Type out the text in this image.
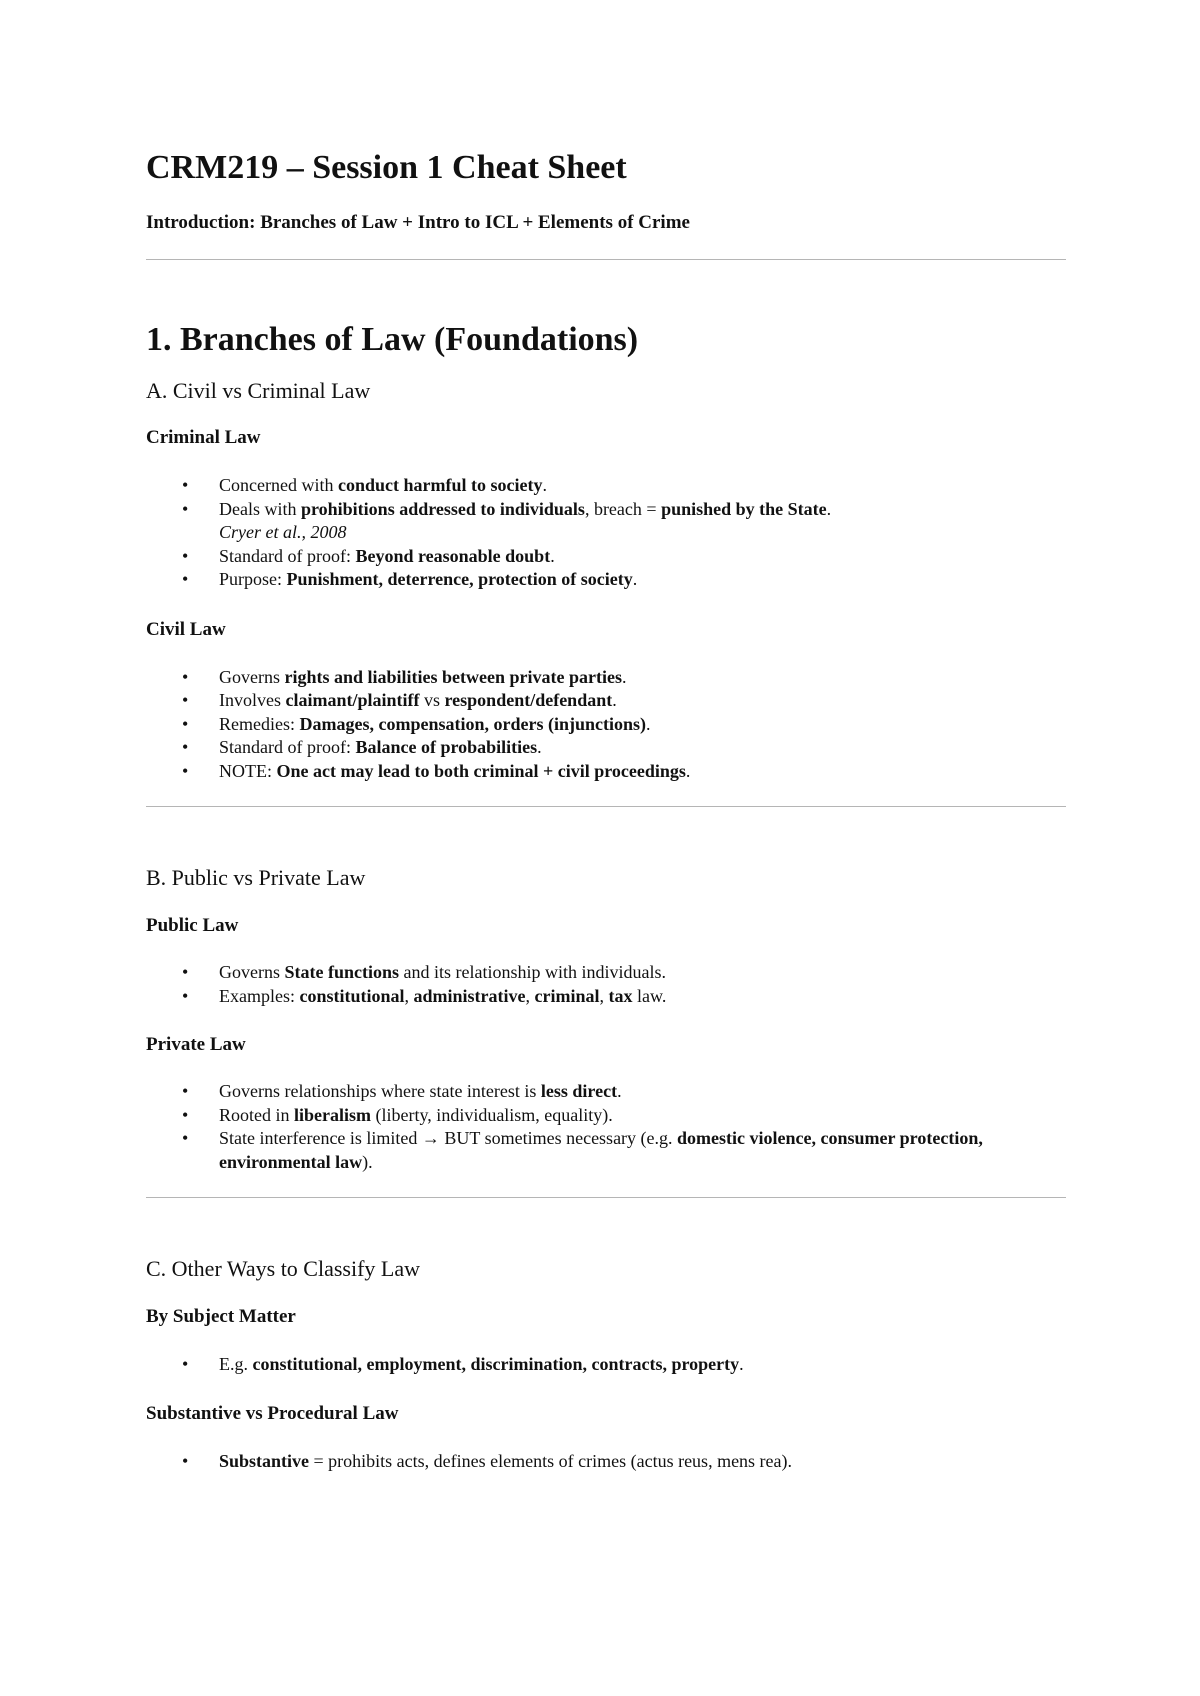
CRM219 – Session 1 Cheat Sheet
Introduction: Branches of Law + Intro to ICL + Elements of Crime
1. Branches of Law (Foundations)
A. Civil vs Criminal Law
Criminal Law
• Concerned with conduct harmful to society.
• Deals with prohibitions addressed to individuals, breach = punished by the State.
Cryer et al., 2008
• Standard of proof: Beyond reasonable doubt.
• Purpose: Punishment, deterrence, protection of society.
Civil Law
• Governs rights and liabilities between private parties.
• Involves claimant/plaintiff vs respondent/defendant.
• Remedies: Damages, compensation, orders (injunctions).
• Standard of proof: Balance of probabilities.
• NOTE: One act may lead to both criminal + civil proceedings.
B. Public vs Private Law
Public Law
• Governs State functions and its relationship with individuals.
• Examples: constitutional, administrative, criminal, tax law.
Private Law
• Governs relationships where state interest is less direct.
• Rooted in liberalism (liberty, individualism, equality).
• State interference is limited → BUT sometimes necessary (e.g. domestic violence, consumer protection, environmental law).
C. Other Ways to Classify Law
By Subject Matter
• E.g. constitutional, employment, discrimination, contracts, property.
Substantive vs Procedural Law
• Substantive = prohibits acts, defines elements of crimes (actus reus, mens rea).
